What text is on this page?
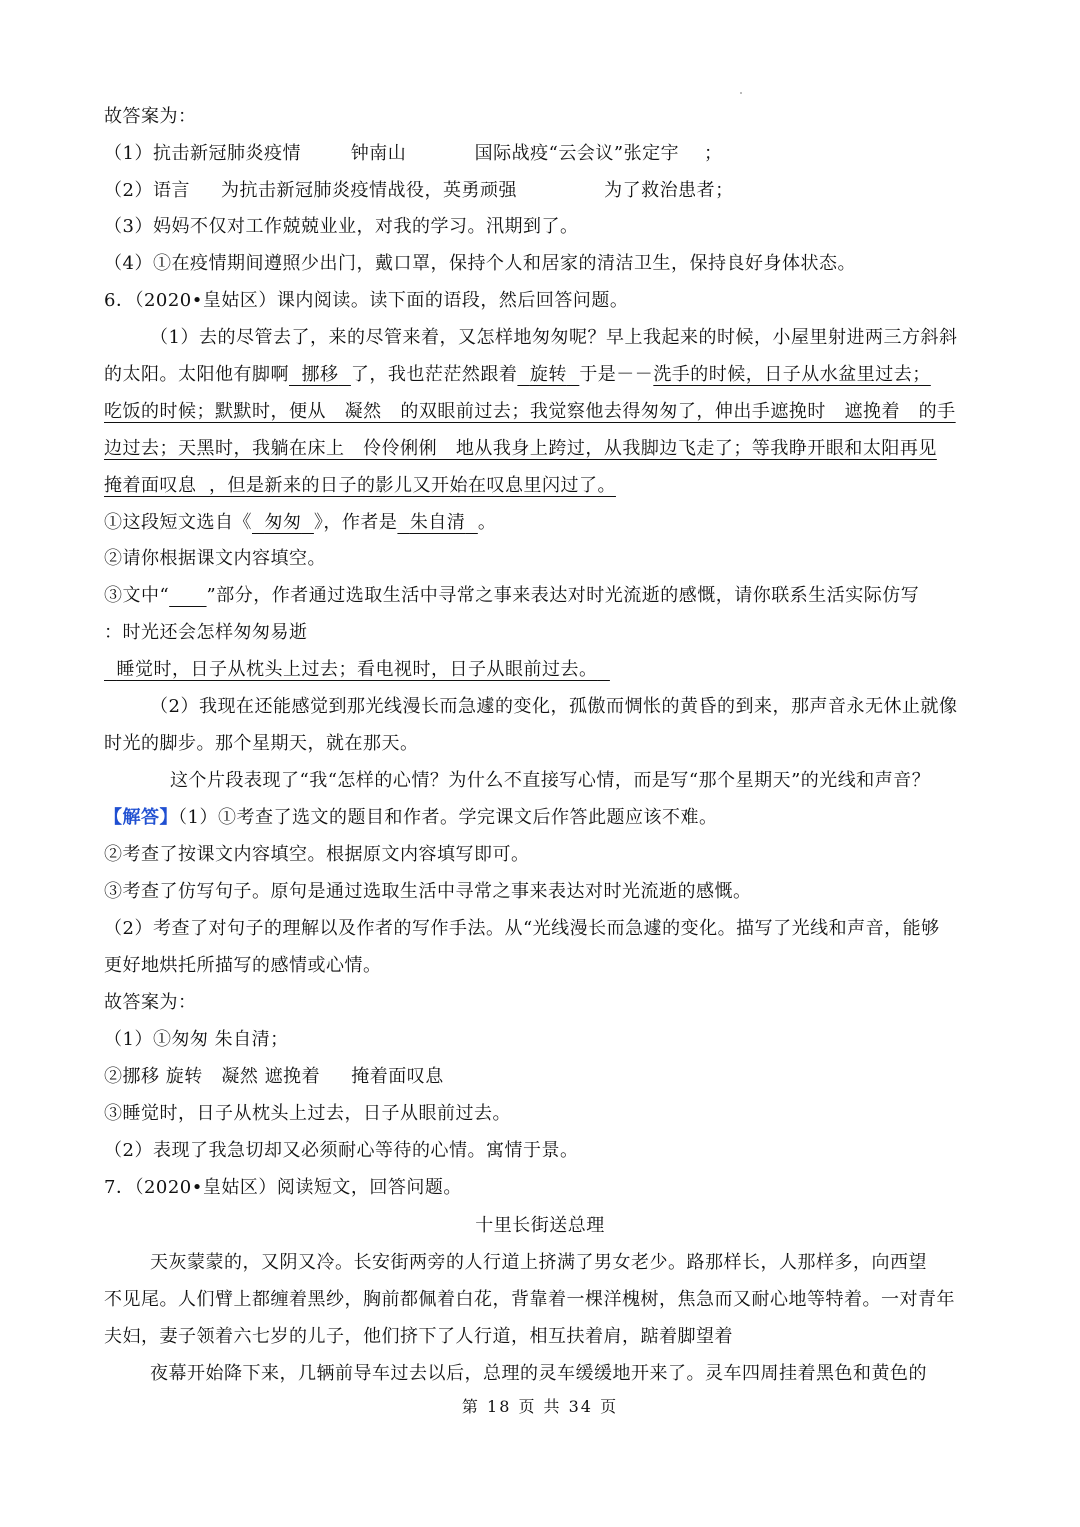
故答案为：
（1）抗击新冠肺炎疫情        钟南山           国际战疫“云会议”张定宇    ；
（2）语言     为抗击新冠肺炎疫情战役，英勇顽强              为了救治患者；
（3）妈妈不仅对工作兢兢业业，对我的学习。汛期到了。
（4）①在疫情期间遵照少出门，戴口罩，保持个人和居家的清洁卫生，保持良好身体状态。
6．（2020•皇姑区）课内阅读。读下面的语段，然后回答问题。
（1）去的尽管去了，来的尽管来着，又怎样地匆匆呢？早上我起来的时候，小屋里射进两三方斜斜
的太阳。太阳他有脚啊 挪移 了，我也茫茫然跟着 旋转 于是－－洗手的时候，日子从水盆里过去；
吃饭的时候；默默时，便从   凝然   的双眼前过去；我觉察他去得匆匆了，伸出手遮挽时   遮挽着   的手
边过去；天黑时，我躺在床上   伶伶俐俐   地从我身上跨过，从我脚边飞走了；等我睁开眼和太阳再见
掩着面叹息  ，但是新来的日子的影儿又开始在叹息里闪过了。
①这段短文选自《 匆匆 》，作者是 朱自清 。
②请你根据课文内容填空。
③文中“ ”部分，作者通过选取生活中寻常之事来表达对时光流逝的感慨，请你联系生活实际仿写
：时光还会怎样匆匆易逝
睡觉时，日子从枕头上过去；看电视时，日子从眼前过去。
（2）我现在还能感觉到那光线漫长而急遽的变化，孤傲而惆怅的黄昏的到来，那声音永无休止就像
时光的脚步。那个星期天，就在那天。
这个片段表现了“我“怎样的心情？为什么不直接写心情，而是写“那个星期天”的光线和声音？
【解答】（1）①考查了选文的题目和作者。学完课文后作答此题应该不难。
②考查了按课文内容填空。根据原文内容填写即可。
③考查了仿写句子。原句是通过选取生活中寻常之事来表达对时光流逝的感慨。
（2）考查了对句子的理解以及作者的写作手法。从“光线漫长而急遽的变化。描写了光线和声音，能够
更好地烘托所描写的感情或心情。
故答案为：
（1）①匆匆 朱自清；
②挪移 旋转   凝然 遮挽着     掩着面叹息
③睡觉时，日子从枕头上过去，日子从眼前过去。
（2）表现了我急切却又必须耐心等待的心情。寓情于景。
7．（2020•皇姑区）阅读短文，回答问题。
十里长街送总理
天灰蒙蒙的，又阴又冷。长安街两旁的人行道上挤满了男女老少。路那样长，人那样多，向西望
不见尾。人们臂上都缠着黑纱，胸前都佩着白花，背靠着一棵洋槐树，焦急而又耐心地等特着。一对青年
夫妇，妻子领着六七岁的儿子，他们挤下了人行道，相互扶着肩，踮着脚望着
夜幕开始降下来，几辆前导车过去以后，总理的灵车缓缓地开来了。灵车四周挂着黑色和黄色的
第 18 页 共 34 页
